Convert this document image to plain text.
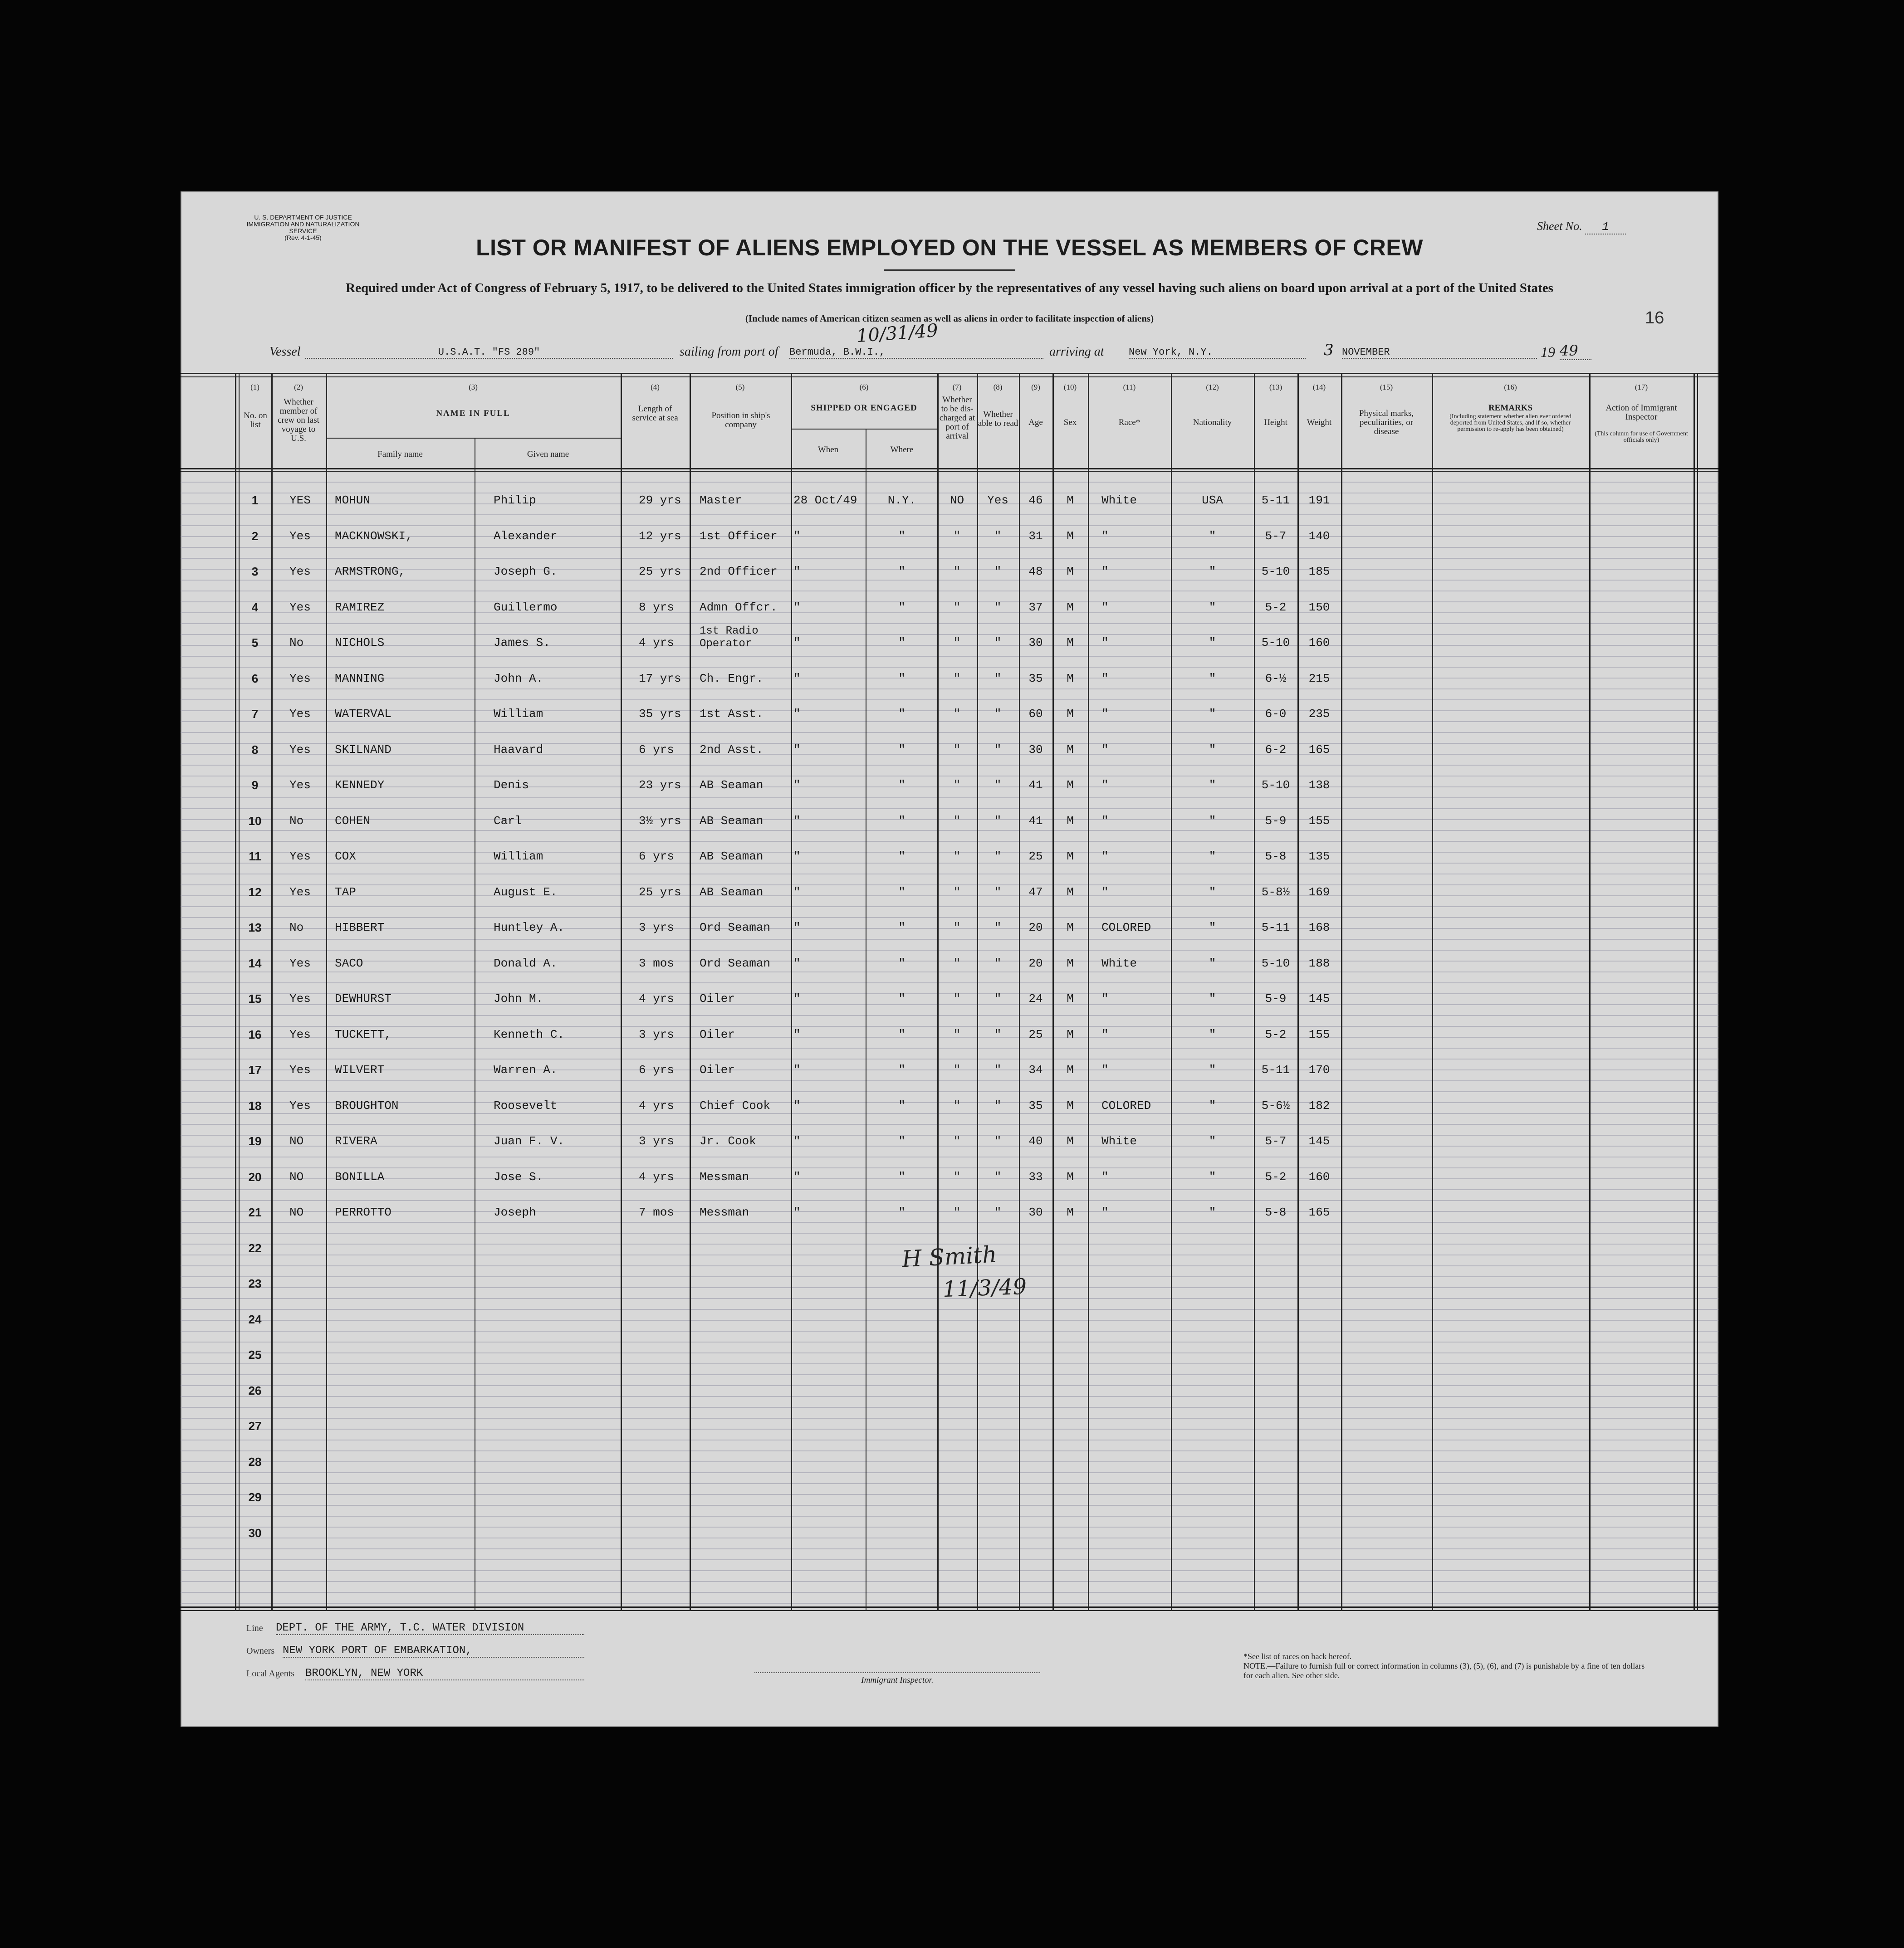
U. S. DEPARTMENT OF JUSTICE
IMMIGRATION AND NATURALIZATION SERVICE
(Rev. 4-1-45)
Sheet No. 1
LIST OR MANIFEST OF ALIENS EMPLOYED ON THE VESSEL AS MEMBERS OF CREW
Required under Act of Congress of February 5, 1917, to be delivered to the United States immigration officer by the representatives of any vessel having such aliens on board upon arrival at a port of the United States
(Include names of American citizen seamen as well as aliens in order to facilitate inspection of aliens)	16
10/31/49
Vessel	U.S.A.T. "FS 289"	sailing from port of Bermuda, B.W.I.,	arriving at New York, N.Y.	3 NOVEMBER	19 49
(1)	(2)	(3)	(4)	(5)	(6)	(7)	(8)	(9)	(10)	(11)	(12)	(13)	(14)	(15)	(16)	(17)
No. on list
Whether member of crew on last voyage to U.S.
NAME IN FULL
Family name	Given name
Length of service at sea	Position in ship's company
SHIPPED OR ENGAGED
When	Where
Whether to be dis-charged at port of arrival
Whether able to read	Age	Sex	Race*	Nationality	Height	Weight
Physical marks, peculiarities, or disease
REMARKS
(Including statement whether alien ever ordered deported from United States, and if so, whether permission to re-apply has been obtained)
Action of Immigrant Inspector
(This column for use of Government officials only)
1	YES	MOHUN	Philip	29 yrs	Master	28 Oct/49	N.Y.	NO	Yes	46	M	White	USA	5-11	191
2	Yes	MACKNOWSKI,	Alexander	12 yrs	1st Officer	"	"	"	"	31	M	"	"	5-7	140
3	Yes	ARMSTRONG,	Joseph G.	25 yrs	2nd Officer	"	"	"	"	48	M	"	"	5-10	185
4	Yes	RAMIREZ	Guillermo	8 yrs	Admn Offcr.	"	"	"	"	37	M	"	"	5-2	150
5	No	NICHOLS	James S.	4 yrs
1st Radio
Operator	"	"	"	"	30	M	"	"	5-10	160
6	Yes	MANNING	John A.	17 yrs	Ch. Engr.	"	"	"	"	35	M	"	"	6-½	215
7	Yes	WATERVAL	William	35 yrs	1st Asst.	"	"	"	"	60	M	"	"	6-0	235
8	Yes	SKILNAND	Haavard	6 yrs	2nd Asst.	"	"	"	"	30	M	"	"	6-2	165
9	Yes	KENNEDY	Denis	23 yrs	AB Seaman	"	"	"	"	41	M	"	"	5-10	138
10	No	COHEN	Carl	3½ yrs	AB Seaman	"	"	"	"	41	M	"	"	5-9	155
11	Yes	COX	William	6 yrs	AB Seaman	"	"	"	"	25	M	"	"	5-8	135
12	Yes	TAP	August E.	25 yrs	AB Seaman	"	"	"	"	47	M	"	"	5-8½	169
13	No	HIBBERT	Huntley A.	3 yrs	Ord Seaman	"	"	"	"	20	M	COLORED	"	5-11	168
14	Yes	SACO	Donald A.	3 mos	Ord Seaman	"	"	"	"	20	M	White	"	5-10	188
15	Yes	DEWHURST	John M.	4 yrs	Oiler	"	"	"	"	24	M	"	"	5-9	145
16	Yes	TUCKETT,	Kenneth C.	3 yrs	Oiler	"	"	"	"	25	M	"	"	5-2	155
17	Yes	WILVERT	Warren A.	6 yrs	Oiler	"	"	"	"	34	M	"	"	5-11	170
18	Yes	BROUGHTON	Roosevelt	4 yrs	Chief Cook	"	"	"	"	35	M	COLORED	"	5-6½	182
19	NO	RIVERA	Juan F. V.	3 yrs	Jr. Cook	"	"	"	"	40	M	White	"	5-7	145
20	NO	BONILLA	Jose S.	4 yrs	Messman	"	"	"	"	33	M	"	"	5-2	160
21	NO	PERROTTO	Joseph	7 mos	Messman	"	"	"	"	30	M	"	"	5-8	165
22
23
24
25
26
27
28
29
30
H Smith
11/3/49
Line DEPT. OF THE ARMY, T.C. WATER DIVISION
Owners NEW YORK PORT OF EMBARKATION,
Local Agents BROOKLYN, NEW YORK
Immigrant Inspector.
*See list of races on back hereof.
NOTE.—Failure to furnish full or correct information in columns (3), (5), (6), and (7) is punishable by a fine of ten dollars for each alien. See other side.
